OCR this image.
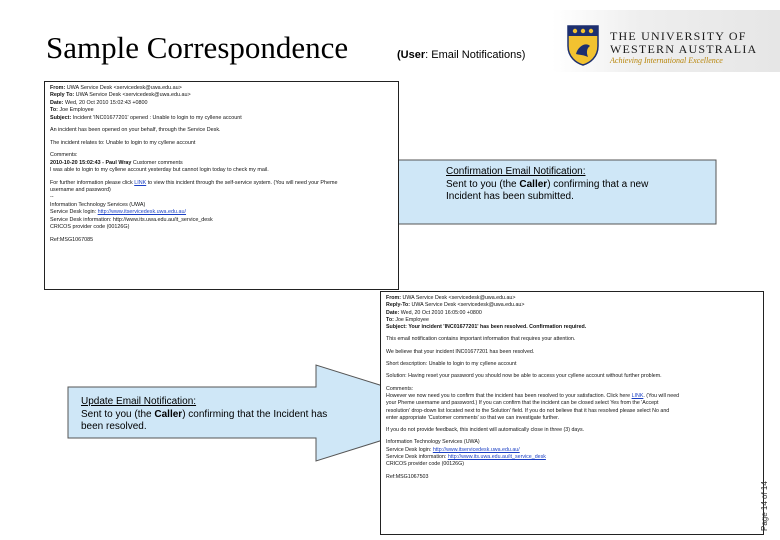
Sample Correspondence	(User: Email Notifications)
THE UNIVERSITY OF
WESTERN AUSTRALIA
Achieving International Excellence
From: UWA Service Desk <servicedesk@uwa.edu.au>
Reply To: UWA Service Desk <servicedesk@uwa.edu.au>
Date: Wed, 20 Oct 2010 15:02:43 +0800
To: Joe Employee
Subject: Incident 'INC01677201' opened : Unable to login to my cyllene account
An incident has been opened on your behalf, through the Service Desk.
The incident relates to: Unable to login to my cyllene account
Comments:
2010-10-20 15:02:43 - Paul Wray Customer comments
I was able to login to my cyllene account yesterday but cannot login today to check my mail.
For further information please click LINK to view this incident through the self-service system. (You will need your Pheme
username and password)
--
Information Technology Services (UWA)
Service Desk login: http://www.itservicedesk.uwa.edu.au/
Service Desk information: http://www.its.uwa.edu.au/it_service_desk
CRICOS provider code (00126G)
Ref:MSG1067085
From: UWA Service Desk <servicedesk@uwa.edu.au>
Reply-To: UWA Service Desk <servicedesk@uwa.edu.au>
Date: Wed, 20 Oct 2010 16:05:00 +0800
To: Joe Employee
Subject: Your incident 'INC01677201' has been resolved. Confirmation required.
This email notification contains important information that requires your attention.
We believe that your incident INC01677201 has been resolved.
Short description: Unable to login to my cyllene account
Solution: Having reset your password you should now be able to access your cyllene account without further problem.
Comments:
However we now need you to confirm that the incident has been resolved to your satisfaction. Click here LINK. (You will need
your Pheme username and password.) If you can confirm that the incident can be closed select Yes from the 'Accept
resolution' drop-down list located next to the Solution' field. If you do not believe that it has resolved please select No and
enter appropriate 'Customer comments' so that we can investigate further.
If you do not provide feedback, this incident will automatically close in three (3) days.
Information Technology Services (UWA)
Service Desk login: http://www.itservicedesk.uwa.edu.au/
Service Desk information: http://www.its.uwa.edu.au/it_service_desk
CRICOS provider code (00126G)
Ref:MSG1067503
Confirmation Email Notification:
Sent to you (the Caller) confirming that a new Incident has been submitted.
Update Email Notification:
Sent to you (the Caller) confirming that the Incident has been resolved.
Page 14 of 14
